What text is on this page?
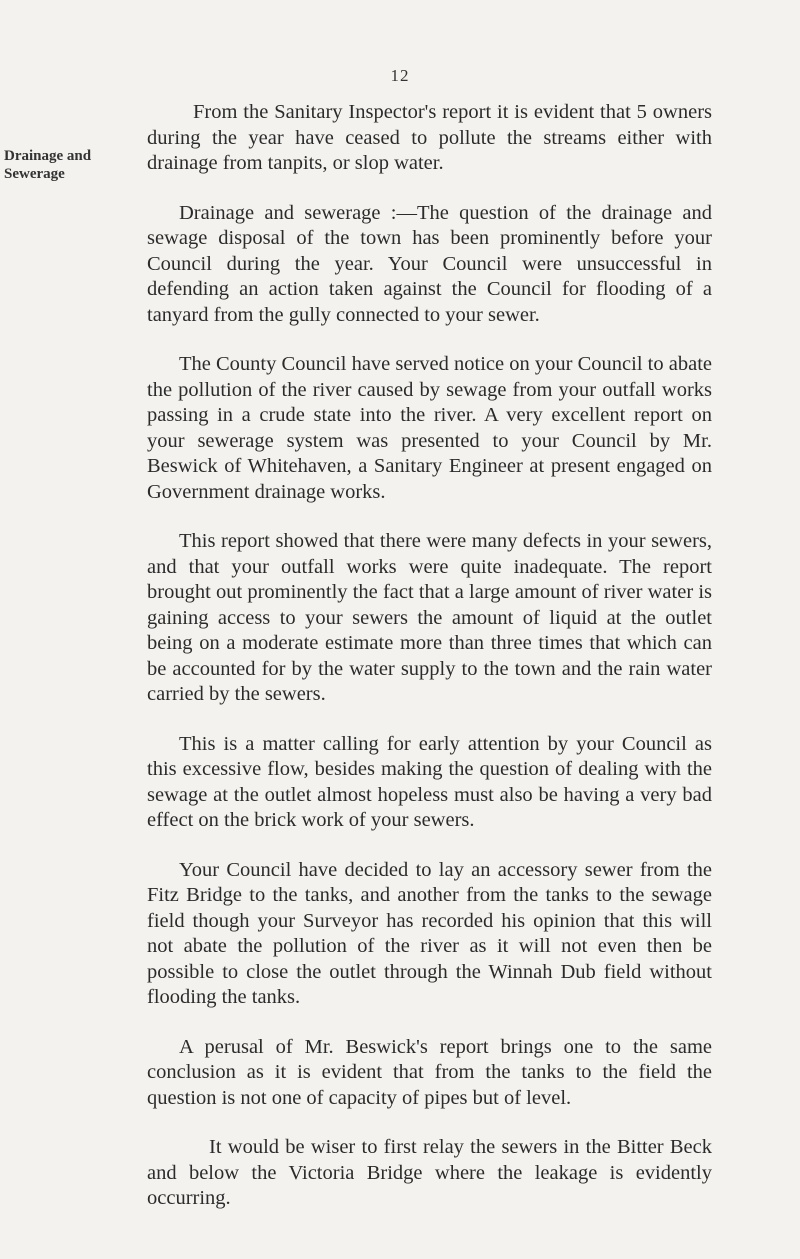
12
Drainage and Sewerage

From the Sanitary Inspector's report it is evident that 5 owners during the year have ceased to pollute the streams either with drainage from tanpits, or slop water.

Drainage and sewerage :—The question of the drainage and sewage disposal of the town has been prominently before your Council during the year. Your Council were unsuccessful in defending an action taken against the Council for flooding of a tanyard from the gully connected to your sewer.

The County Council have served notice on your Council to abate the pollution of the river caused by sewage from your outfall works passing in a crude state into the river. A very excellent report on your sewerage system was presented to your Council by Mr. Beswick of Whitehaven, a Sanitary Engineer at present engaged on Government drainage works.

This report showed that there were many defects in your sewers, and that your outfall works were quite inadequate. The report brought out prominently the fact that a large amount of river water is gaining access to your sewers the amount of liquid at the outlet being on a moderate estimate more than three times that which can be accounted for by the water supply to the town and the rain water carried by the sewers.

This is a matter calling for early attention by your Council as this excessive flow, besides making the question of dealing with the sewage at the outlet almost hopeless must also be having a very bad effect on the brick work of your sewers.

Your Council have decided to lay an accessory sewer from the Fitz Bridge to the tanks, and another from the tanks to the sewage field though your Surveyor has recorded his opinion that this will not abate the pollution of the river as it will not even then be possible to close the outlet through the Winnah Dub field without flooding the tanks.

A perusal of Mr. Beswick's report brings one to the same conclusion as it is evident that from the tanks to the field the question is not one of capacity of pipes but of level.

It would be wiser to first relay the sewers in the Bitter Beck and below the Victoria Bridge where the leakage is evidently occurring.
